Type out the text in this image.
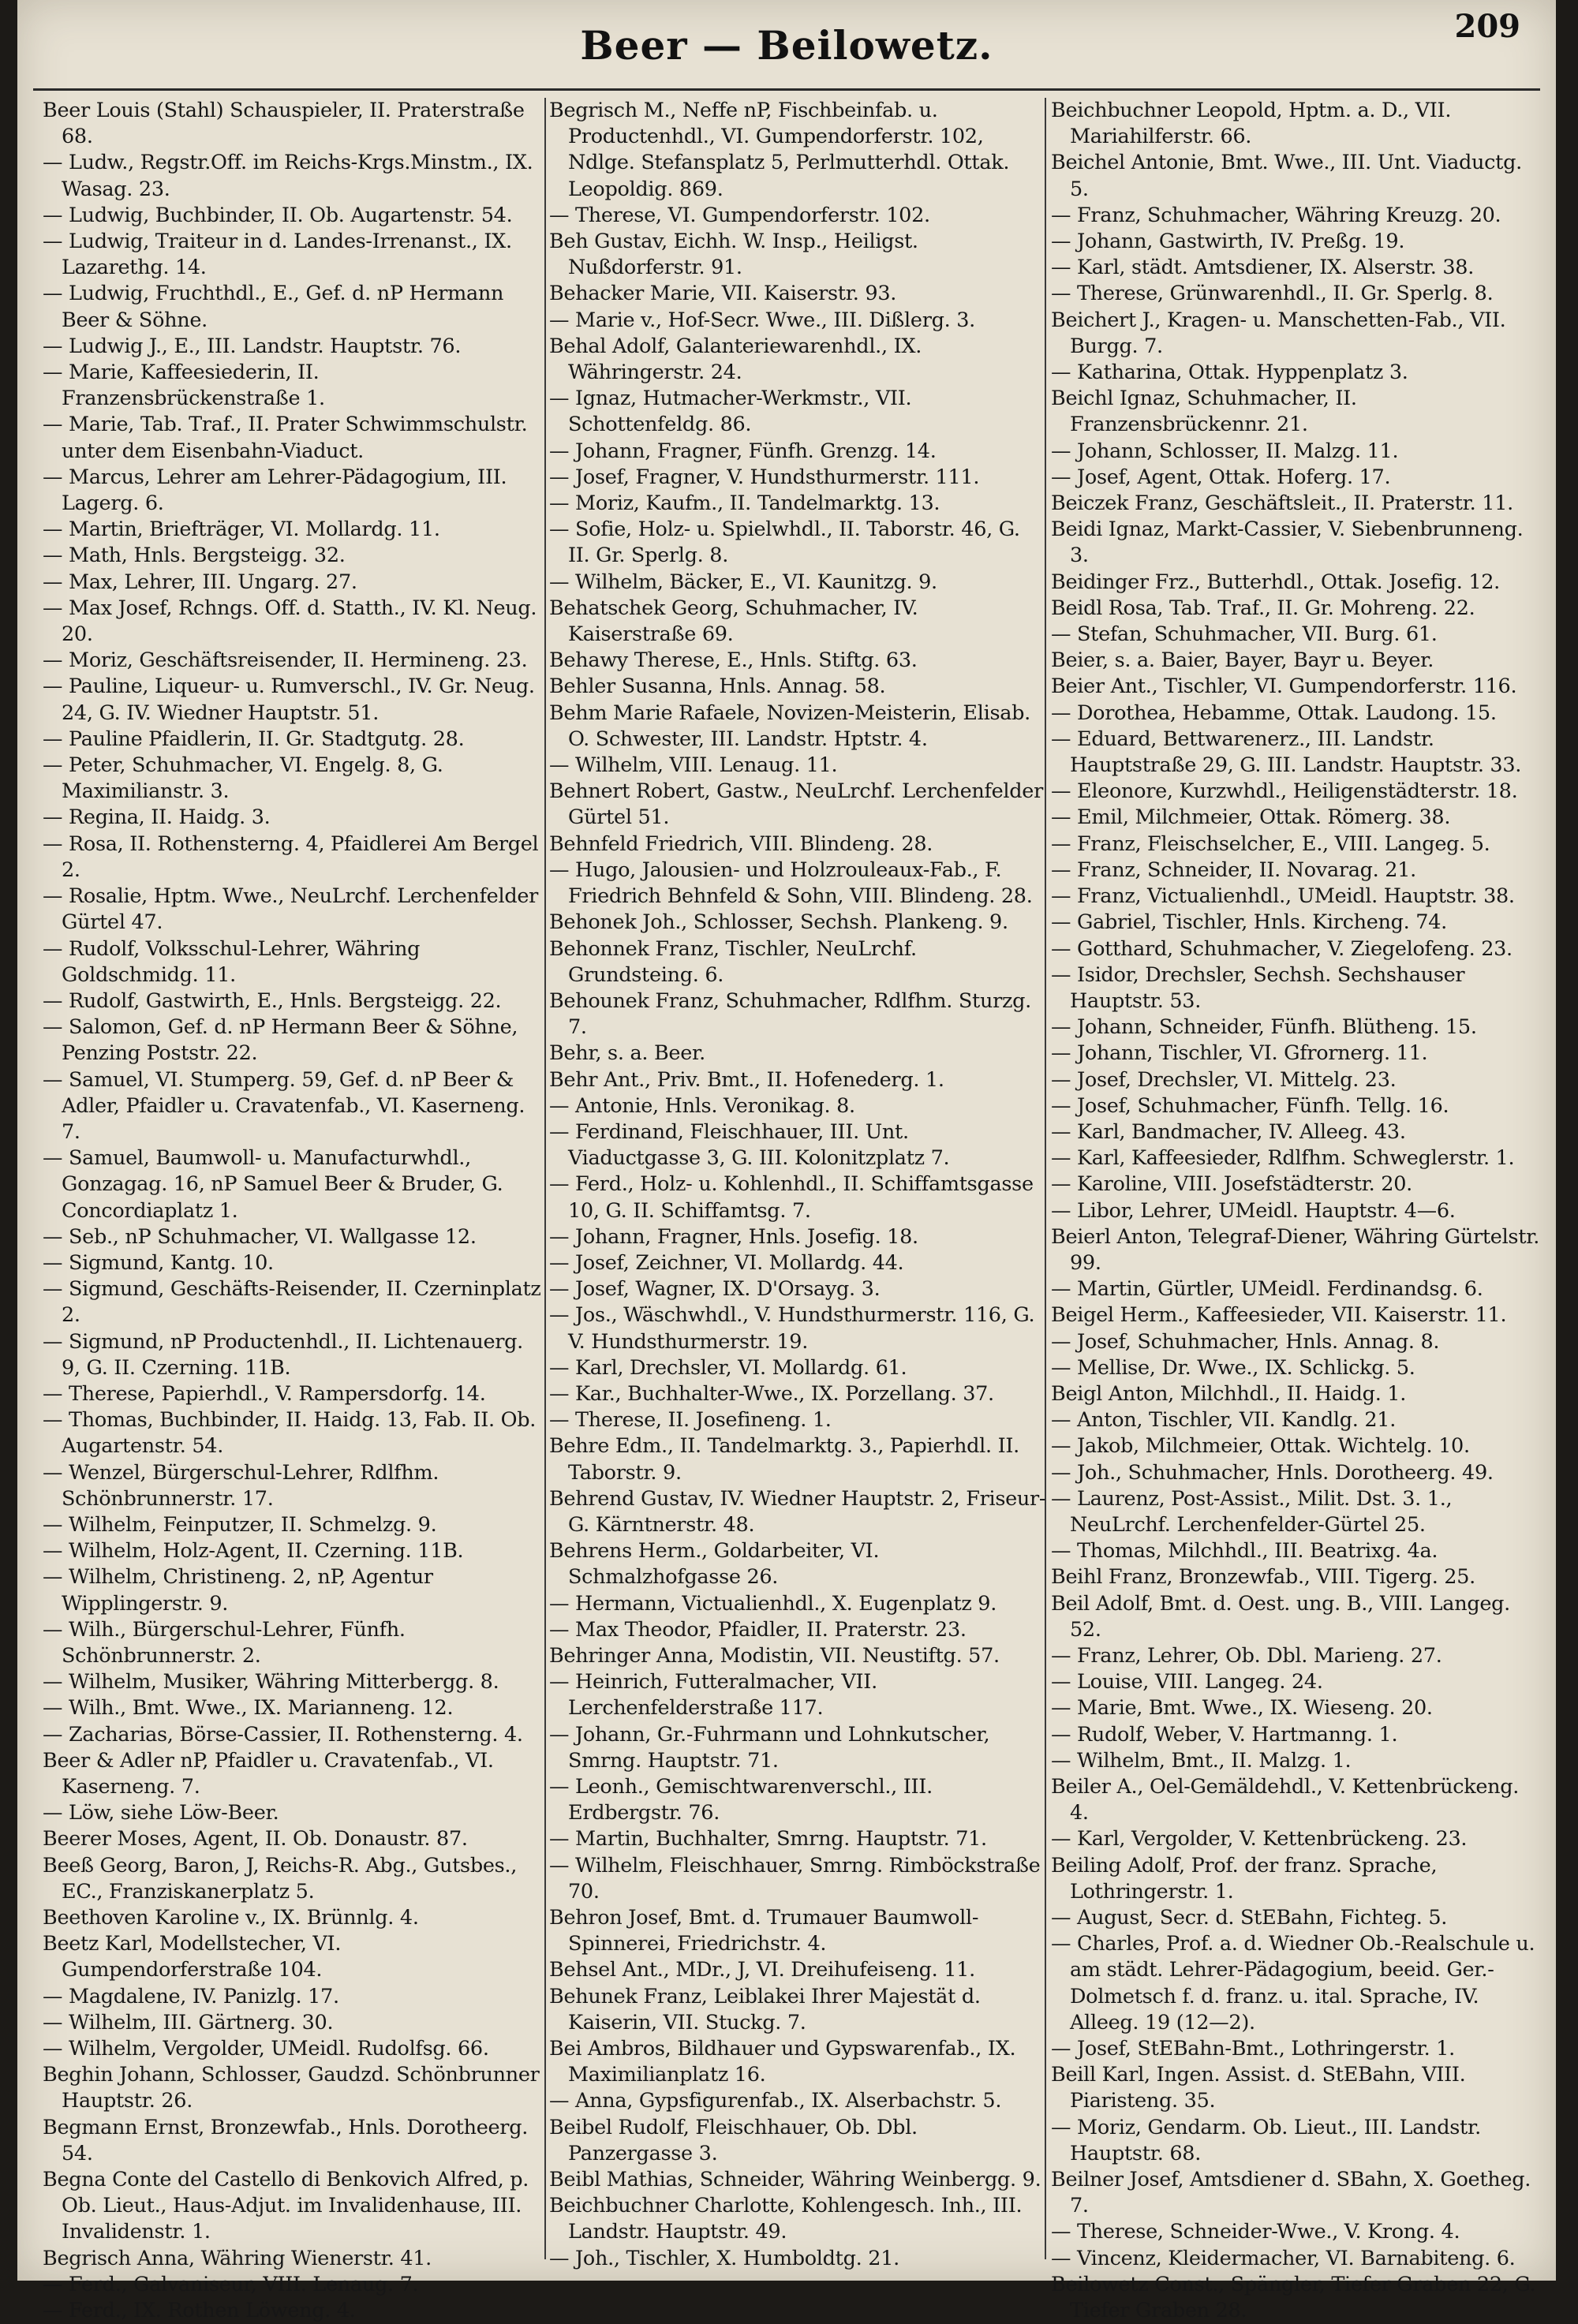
Beer — Beilowetz.	209

Beer Louis (Stahl) Schauspieler, II. Praterstraße 68.

— Ludw., Regstr.Off. im Reichs-Krgs.Minstm., IX. Wasag. 23.

— Ludwig, Buchbinder, II. Ob. Augartenstr. 54.

— Ludwig, Traiteur in d. Landes-Irrenanst., IX. Lazarethg. 14.

— Ludwig, Fruchthdl., E., Gef. d. nP Hermann Beer & Söhne.

— Ludwig J., E., III. Landstr. Hauptstr. 76.

— Marie, Kaffeesiederin, II. Franzensbrückenstraße 1.

— Marie, Tab. Traf., II. Prater Schwimmschulstr. unter dem Eisenbahn-Viaduct.

— Marcus, Lehrer am Lehrer-Pädagogium, III. Lagerg. 6.

— Martin, Briefträger, VI. Mollardg. 11.

— Math, Hnls. Bergsteigg. 32.

— Max, Lehrer, III. Ungarg. 27.

— Max Josef, Rchngs. Off. d. Statth., IV. Kl. Neug. 20.

— Moriz, Geschäftsreisender, II. Hermineng. 23.

— Pauline, Liqueur- u. Rumverschl., IV. Gr. Neug. 24, G. IV. Wiedner Hauptstr. 51.

— Pauline Pfaidlerin, II. Gr. Stadtgutg. 28.

— Peter, Schuhmacher, VI. Engelg. 8, G. Maximilianstr. 3.

— Regina, II. Haidg. 3.

— Rosa, II. Rothensterng. 4, Pfaidlerei Am Bergel 2.

— Rosalie, Hptm. Wwe., NeuLrchf. Lerchenfelder Gürtel 47.

— Rudolf, Volksschul-Lehrer, Währing Goldschmidg. 11.

— Rudolf, Gastwirth, E., Hnls. Bergsteigg. 22.

— Salomon, Gef. d. nP Hermann Beer & Söhne, Penzing Poststr. 22.

— Samuel, VI. Stumperg. 59, Gef. d. nP Beer & Adler, Pfaidler u. Cravatenfab., VI. Kaserneng. 7.

— Samuel, Baumwoll- u. Manufacturwhdl., Gonzagag. 16, nP Samuel Beer & Bruder, G. Concordiaplatz 1.

— Seb., nP Schuhmacher, VI. Wallgasse 12.

— Sigmund, Kantg. 10.

— Sigmund, Geschäfts-Reisender, II. Czerninplatz 2.

— Sigmund, nP Productenhdl., II. Lichtenauerg. 9, G. II. Czerning. 11B.

— Therese, Papierhdl., V. Rampersdorfg. 14.

— Thomas, Buchbinder, II. Haidg. 13, Fab. II. Ob. Augartenstr. 54.

— Wenzel, Bürgerschul-Lehrer, Rdlfhm. Schönbrunnerstr. 17.

— Wilhelm, Feinputzer, II. Schmelzg. 9.

— Wilhelm, Holz-Agent, II. Czerning. 11B.

— Wilhelm, Christineng. 2, nP, Agentur Wipplingerstr. 9.

— Wilh., Bürgerschul-Lehrer, Fünfh. Schönbrunnerstr. 2.

— Wilhelm, Musiker, Währing Mitterbergg. 8.

— Wilh., Bmt. Wwe., IX. Marianneng. 12.

— Zacharias, Börse-Cassier, II. Rothensterng. 4.

Beer & Adler nP, Pfaidler u. Cravatenfab., VI. Kaserneng. 7.

— Löw, siehe Löw-Beer.

Beerer Moses, Agent, II. Ob. Donaustr. 87.

Beeß Georg, Baron, J, Reichs-R. Abg., Gutsbes., EC., Franziskanerplatz 5.

Beethoven Karoline v., IX. Brünnlg. 4.

Beetz Karl, Modellstecher, VI. Gumpendorferstraße 104.

— Magdalene, IV. Panizlg. 17.

— Wilhelm, III. Gärtnerg. 30.

— Wilhelm, Vergolder, UMeidl. Rudolfsg. 66.

Beghin Johann, Schlosser, Gaudzd. Schönbrunner Hauptstr. 26.

Begmann Ernst, Bronzewfab., Hnls. Dorotheerg. 54.

Begna Conte del Castello di Benkovich Alfred, p. Ob. Lieut., Haus-Adjut. im Invalidenhause, III. Invalidenstr. 1.

Begrisch Anna, Währing Wienerstr. 41.

— Ferd., Galvaniseur, VIII. Lenaug. 7.

— Ferd., IX. Rothen Löweng. 4.

Begrisch M., Neffe nP, Fischbeinfab. u. Productenhdl., VI. Gumpendorferstr. 102, Ndlge. Stefansplatz 5, Perlmutterhdl. Ottak. Leopoldig. 869.

— Therese, VI. Gumpendorferstr. 102.

Beh Gustav, Eichh. W. Insp., Heiligst. Nußdorferstr. 91.

Behacker Marie, VII. Kaiserstr. 93.

— Marie v., Hof-Secr. Wwe., III. Dißlerg. 3.

Behal Adolf, Galanteriewarenhdl., IX. Währingerstr. 24.

— Ignaz, Hutmacher-Werkmstr., VII. Schottenfeldg. 86.

— Johann, Fragner, Fünfh. Grenzg. 14.

— Josef, Fragner, V. Hundsthurmerstr. 111.

— Moriz, Kaufm., II. Tandelmarktg. 13.

— Sofie, Holz- u. Spielwhdl., II. Taborstr. 46, G. II. Gr. Sperlg. 8.

— Wilhelm, Bäcker, E., VI. Kaunitzg. 9.

Behatschek Georg, Schuhmacher, IV. Kaiserstraße 69.

Behawy Therese, E., Hnls. Stiftg. 63.

Behler Susanna, Hnls. Annag. 58.

Behm Marie Rafaele, Novizen-Meisterin, Elisab. O. Schwester, III. Landstr. Hptstr. 4.

— Wilhelm, VIII. Lenaug. 11.

Behnert Robert, Gastw., NeuLrchf. Lerchenfelder Gürtel 51.

Behnfeld Friedrich, VIII. Blindeng. 28.

— Hugo, Jalousien- und Holzrouleaux-Fab., F. Friedrich Behnfeld & Sohn, VIII. Blindeng. 28.

Behonek Joh., Schlosser, Sechsh. Plankeng. 9.

Behonnek Franz, Tischler, NeuLrchf. Grundsteing. 6.

Behounek Franz, Schuhmacher, Rdlfhm. Sturzg. 7.

Behr, s. a. Beer.

Behr Ant., Priv. Bmt., II. Hofenederg. 1.

— Antonie, Hnls. Veronikag. 8.

— Ferdinand, Fleischhauer, III. Unt. Viaductgasse 3, G. III. Kolonitzplatz 7.

— Ferd., Holz- u. Kohlenhdl., II. Schiffamtsgasse 10, G. II. Schiffamtsg. 7.

— Johann, Fragner, Hnls. Josefig. 18.

— Josef, Zeichner, VI. Mollardg. 44.

— Josef, Wagner, IX. D'Orsayg. 3.

— Jos., Wäschwhdl., V. Hundsthurmerstr. 116, G. V. Hundsthurmerstr. 19.

— Karl, Drechsler, VI. Mollardg. 61.

— Kar., Buchhalter-Wwe., IX. Porzellang. 37.

— Therese, II. Josefineng. 1.

Behre Edm., II. Tandelmarktg. 3., Papierhdl. II. Taborstr. 9.

Behrend Gustav, IV. Wiedner Hauptstr. 2, Friseur-G. Kärntnerstr. 48.

Behrens Herm., Goldarbeiter, VI. Schmalzhofgasse 26.

— Hermann, Victualienhdl., X. Eugenplatz 9.

— Max Theodor, Pfaidler, II. Praterstr. 23.

Behringer Anna, Modistin, VII. Neustiftg. 57.

— Heinrich, Futteralmacher, VII. Lerchenfelderstraße 117.

— Johann, Gr.-Fuhrmann und Lohnkutscher, Smrng. Hauptstr. 71.

— Leonh., Gemischtwarenverschl., III. Erdbergstr. 76.

— Martin, Buchhalter, Smrng. Hauptstr. 71.

— Wilhelm, Fleischhauer, Smrng. Rimböckstraße 70.

Behron Josef, Bmt. d. Trumauer Baumwoll-Spinnerei, Friedrichstr. 4.

Behsel Ant., MDr., J, VI. Dreihufeiseng. 11.

Behunek Franz, Leiblakei Ihrer Majestät d. Kaiserin, VII. Stuckg. 7.

Bei Ambros, Bildhauer und Gypswarenfab., IX. Maximilianplatz 16.

— Anna, Gypsfigurenfab., IX. Alserbachstr. 5.

Beibel Rudolf, Fleischhauer, Ob. Dbl. Panzergasse 3.

Beibl Mathias, Schneider, Währing Weinbergg. 9.

Beichbuchner Charlotte, Kohlengesch. Inh., III. Landstr. Hauptstr. 49.

— Joh., Tischler, X. Humboldtg. 21.

Beichbuchner Leopold, Hptm. a. D., VII. Mariahilferstr. 66.

Beichel Antonie, Bmt. Wwe., III. Unt. Viaductg. 5.

— Franz, Schuhmacher, Währing Kreuzg. 20.

— Johann, Gastwirth, IV. Preßg. 19.

— Karl, städt. Amtsdiener, IX. Alserstr. 38.

— Therese, Grünwarenhdl., II. Gr. Sperlg. 8.

Beichert J., Kragen- u. Manschetten-Fab., VII. Burgg. 7.

— Katharina, Ottak. Hyppenplatz 3.

Beichl Ignaz, Schuhmacher, II. Franzensbrückennr. 21.

— Johann, Schlosser, II. Malzg. 11.

— Josef, Agent, Ottak. Hoferg. 17.

Beiczek Franz, Geschäftsleit., II. Praterstr. 11.

Beidi Ignaz, Markt-Cassier, V. Siebenbrunneng. 3.

Beidinger Frz., Butterhdl., Ottak. Josefig. 12.

Beidl Rosa, Tab. Traf., II. Gr. Mohreng. 22.

— Stefan, Schuhmacher, VII. Burg. 61.

Beier, s. a. Baier, Bayer, Bayr u. Beyer.

Beier Ant., Tischler, VI. Gumpendorferstr. 116.

— Dorothea, Hebamme, Ottak. Laudong. 15.

— Eduard, Bettwarenerz., III. Landstr. Hauptstraße 29, G. III. Landstr. Hauptstr. 33.

— Eleonore, Kurzwhdl., Heiligenstädterstr. 18.

— Emil, Milchmeier, Ottak. Römerg. 38.

— Franz, Fleischselcher, E., VIII. Langeg. 5.

— Franz, Schneider, II. Novarag. 21.

— Franz, Victualienhdl., UMeidl. Hauptstr. 38.

— Gabriel, Tischler, Hnls. Kircheng. 74.

— Gotthard, Schuhmacher, V. Ziegelofeng. 23.

— Isidor, Drechsler, Sechsh. Sechshauser Hauptstr. 53.

— Johann, Schneider, Fünfh. Blütheng. 15.

— Johann, Tischler, VI. Gfrornerg. 11.

— Josef, Drechsler, VI. Mittelg. 23.

— Josef, Schuhmacher, Fünfh. Tellg. 16.

— Karl, Bandmacher, IV. Alleeg. 43.

— Karl, Kaffeesieder, Rdlfhm. Schweglerstr. 1.

— Karoline, VIII. Josefstädterstr. 20.

— Libor, Lehrer, UMeidl. Hauptstr. 4—6.

Beierl Anton, Telegraf-Diener, Währing Gürtelstr. 99.

— Martin, Gürtler, UMeidl. Ferdinandsg. 6.

Beigel Herm., Kaffeesieder, VII. Kaiserstr. 11.

— Josef, Schuhmacher, Hnls. Annag. 8.

— Mellise, Dr. Wwe., IX. Schlickg. 5.

Beigl Anton, Milchhdl., II. Haidg. 1.

— Anton, Tischler, VII. Kandlg. 21.

— Jakob, Milchmeier, Ottak. Wichtelg. 10.

— Joh., Schuhmacher, Hnls. Dorotheerg. 49.

— Laurenz, Post-Assist., Milit. Dst. 3. 1., NeuLrchf. Lerchenfelder-Gürtel 25.

— Thomas, Milchhdl., III. Beatrixg. 4a.

Beihl Franz, Bronzewfab., VIII. Tigerg. 25.

Beil Adolf, Bmt. d. Oest. ung. B., VIII. Langeg. 52.

— Franz, Lehrer, Ob. Dbl. Marieng. 27.

— Louise, VIII. Langeg. 24.

— Marie, Bmt. Wwe., IX. Wieseng. 20.

— Rudolf, Weber, V. Hartmanng. 1.

— Wilhelm, Bmt., II. Malzg. 1.

Beiler A., Oel-Gemäldehdl., V. Kettenbrückeng. 4.

— Karl, Vergolder, V. Kettenbrückeng. 23.

Beiling Adolf, Prof. der franz. Sprache, Lothringerstr. 1.

— August, Secr. d. StEBahn, Fichteg. 5.

— Charles, Prof. a. d. Wiedner Ob.-Realschule u. am städt. Lehrer-Pädagogium, beeid. Ger.-Dolmetsch f. d. franz. u. ital. Sprache, IV. Alleeg. 19 (12—2).

— Josef, StEBahn-Bmt., Lothringerstr. 1.

Beill Karl, Ingen. Assist. d. StEBahn, VIII. Piaristeng. 35.

— Moriz, Gendarm. Ob. Lieut., III. Landstr. Hauptstr. 68.

Beilner Josef, Amtsdiener d. SBahn, X. Goetheg. 7.

— Therese, Schneider-Wwe., V. Krong. 4.

— Vincenz, Kleidermacher, VI. Barnabiteng. 6.

Beilowetz Const., Spängler, Tiefer Graben 22, G. Tiefer Graben 28.
